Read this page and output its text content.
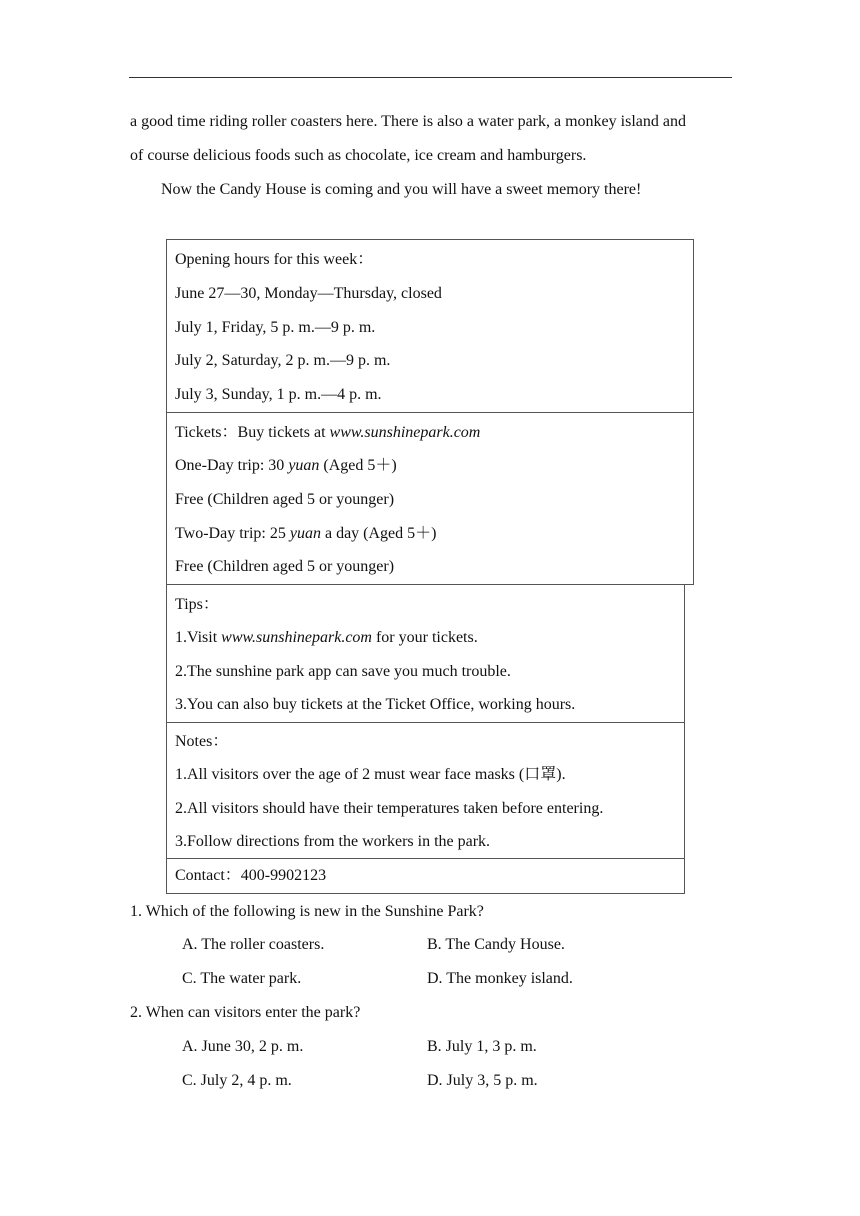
a good time riding roller coasters here. There is also a water park, a monkey island and
of course delicious foods such as chocolate, ice cream and hamburgers.
Now the Candy House is coming and you will have a sweet memory there!
Opening hours for this week：
June 27—30, Monday—Thursday, closed
July 1, Friday, 5 p. m.—9 p. m.
July 2, Saturday, 2 p. m.—9 p. m.
July 3, Sunday, 1 p. m.—4 p. m.
Tickets：Buy tickets at www.sunshinepark.com
One-Day trip: 30 yuan (Aged 5＋)
Free (Children aged 5 or younger)
Two-Day trip: 25 yuan a day (Aged 5＋)
Free (Children aged 5 or younger)
Tips：
1.Visit www.sunshinepark.com for your tickets.
2.The sunshine park app can save you much trouble.
3.You can also buy tickets at the Ticket Office, working hours.
Notes：
1.All visitors over the age of 2 must wear face masks (口罩).
2.All visitors should have their temperatures taken before entering.
3.Follow directions from the workers in the park.
Contact：400-9902123
1. Which of the following is new in the Sunshine Park?
A. The roller coasters.	B. The Candy House.
C. The water park.	D. The monkey island.
2. When can visitors enter the park?
A. June 30, 2 p. m.	B. July 1, 3 p. m.
C. July 2, 4 p. m.	D. July 3, 5 p. m.
